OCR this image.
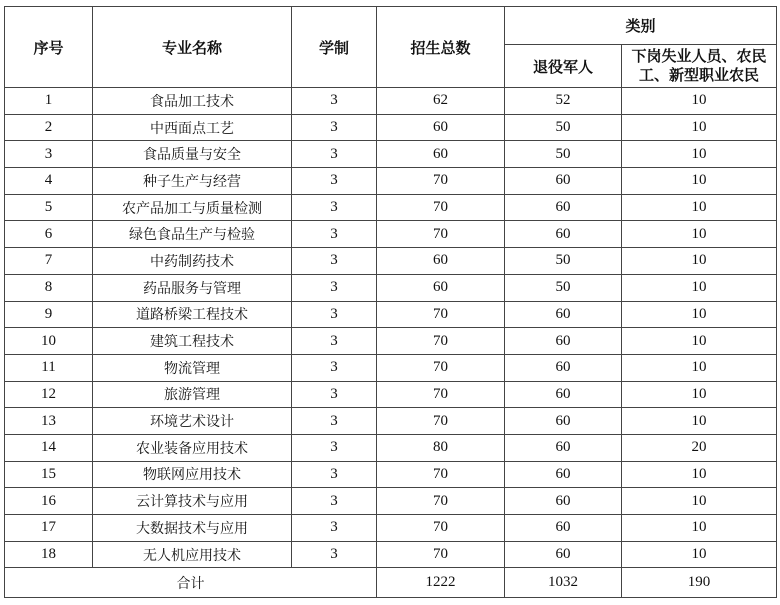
序号	专业名称	学制	招生总数	类别	
				退役军人	下岗失业人员、农民工、新型职业农民
1	食品加工技术	3	62	52	10
2	中西面点工艺	3	60	50	10
3	食品质量与安全	3	60	50	10
4	种子生产与经营	3	70	60	10
5	农产品加工与质量检测	3	70	60	10
6	绿色食品生产与检验	3	70	60	10
7	中药制药技术	3	60	50	10
8	药品服务与管理	3	60	50	10
9	道路桥梁工程技术	3	70	60	10
10	建筑工程技术	3	70	60	10
11	物流管理	3	70	60	10
12	旅游管理	3	70	60	10
13	环境艺术设计	3	70	60	10
14	农业装备应用技术	3	80	60	20
15	物联网应用技术	3	70	60	10
16	云计算技术与应用	3	70	60	10
17	大数据技术与应用	3	70	60	10
18	无人机应用技术	3	70	60	10
合计			1222	1032	190
